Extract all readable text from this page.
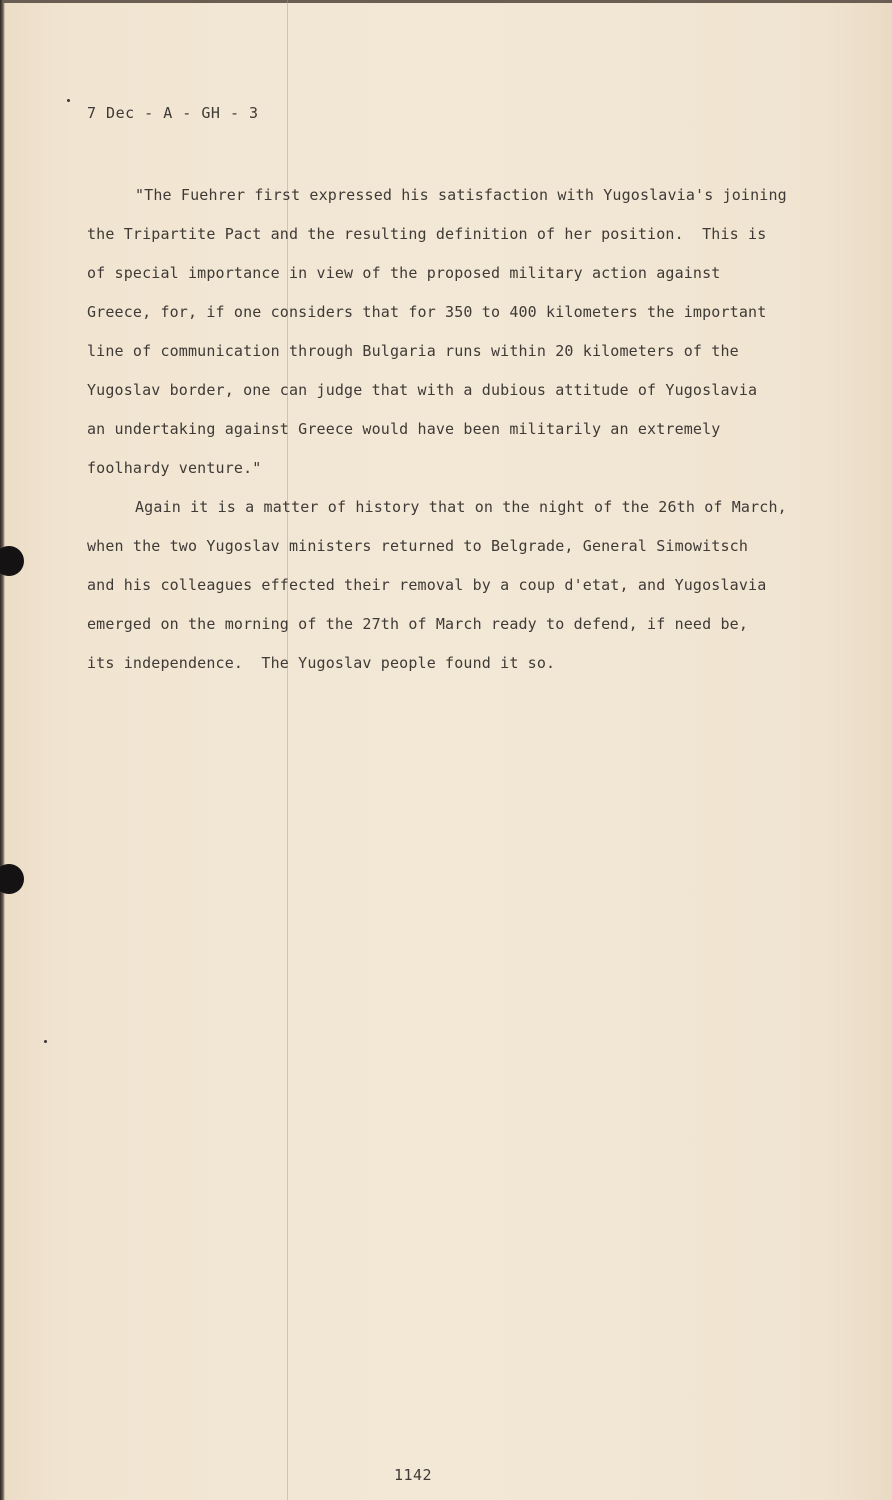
7 Dec - A - GH - 3
"The Fuehrer first expressed his satisfaction with Yugoslavia's joining
the Tripartite Pact and the resulting definition of her position.  This is
of special importance in view of the proposed military action against
Greece, for, if one considers that for 350 to 400 kilometers the important
line of communication through Bulgaria runs within 20 kilometers of the
Yugoslav border, one can judge that with a dubious attitude of Yugoslavia
an undertaking against Greece would have been militarily an extremely
foolhardy venture."
Again it is a matter of history that on the night of the 26th of March,
when the two Yugoslav ministers returned to Belgrade, General Simowitsch
and his colleagues effected their removal by a coup d'etat, and Yugoslavia
emerged on the morning of the 27th of March ready to defend, if need be,
its independence.  The Yugoslav people found it so.
1142
